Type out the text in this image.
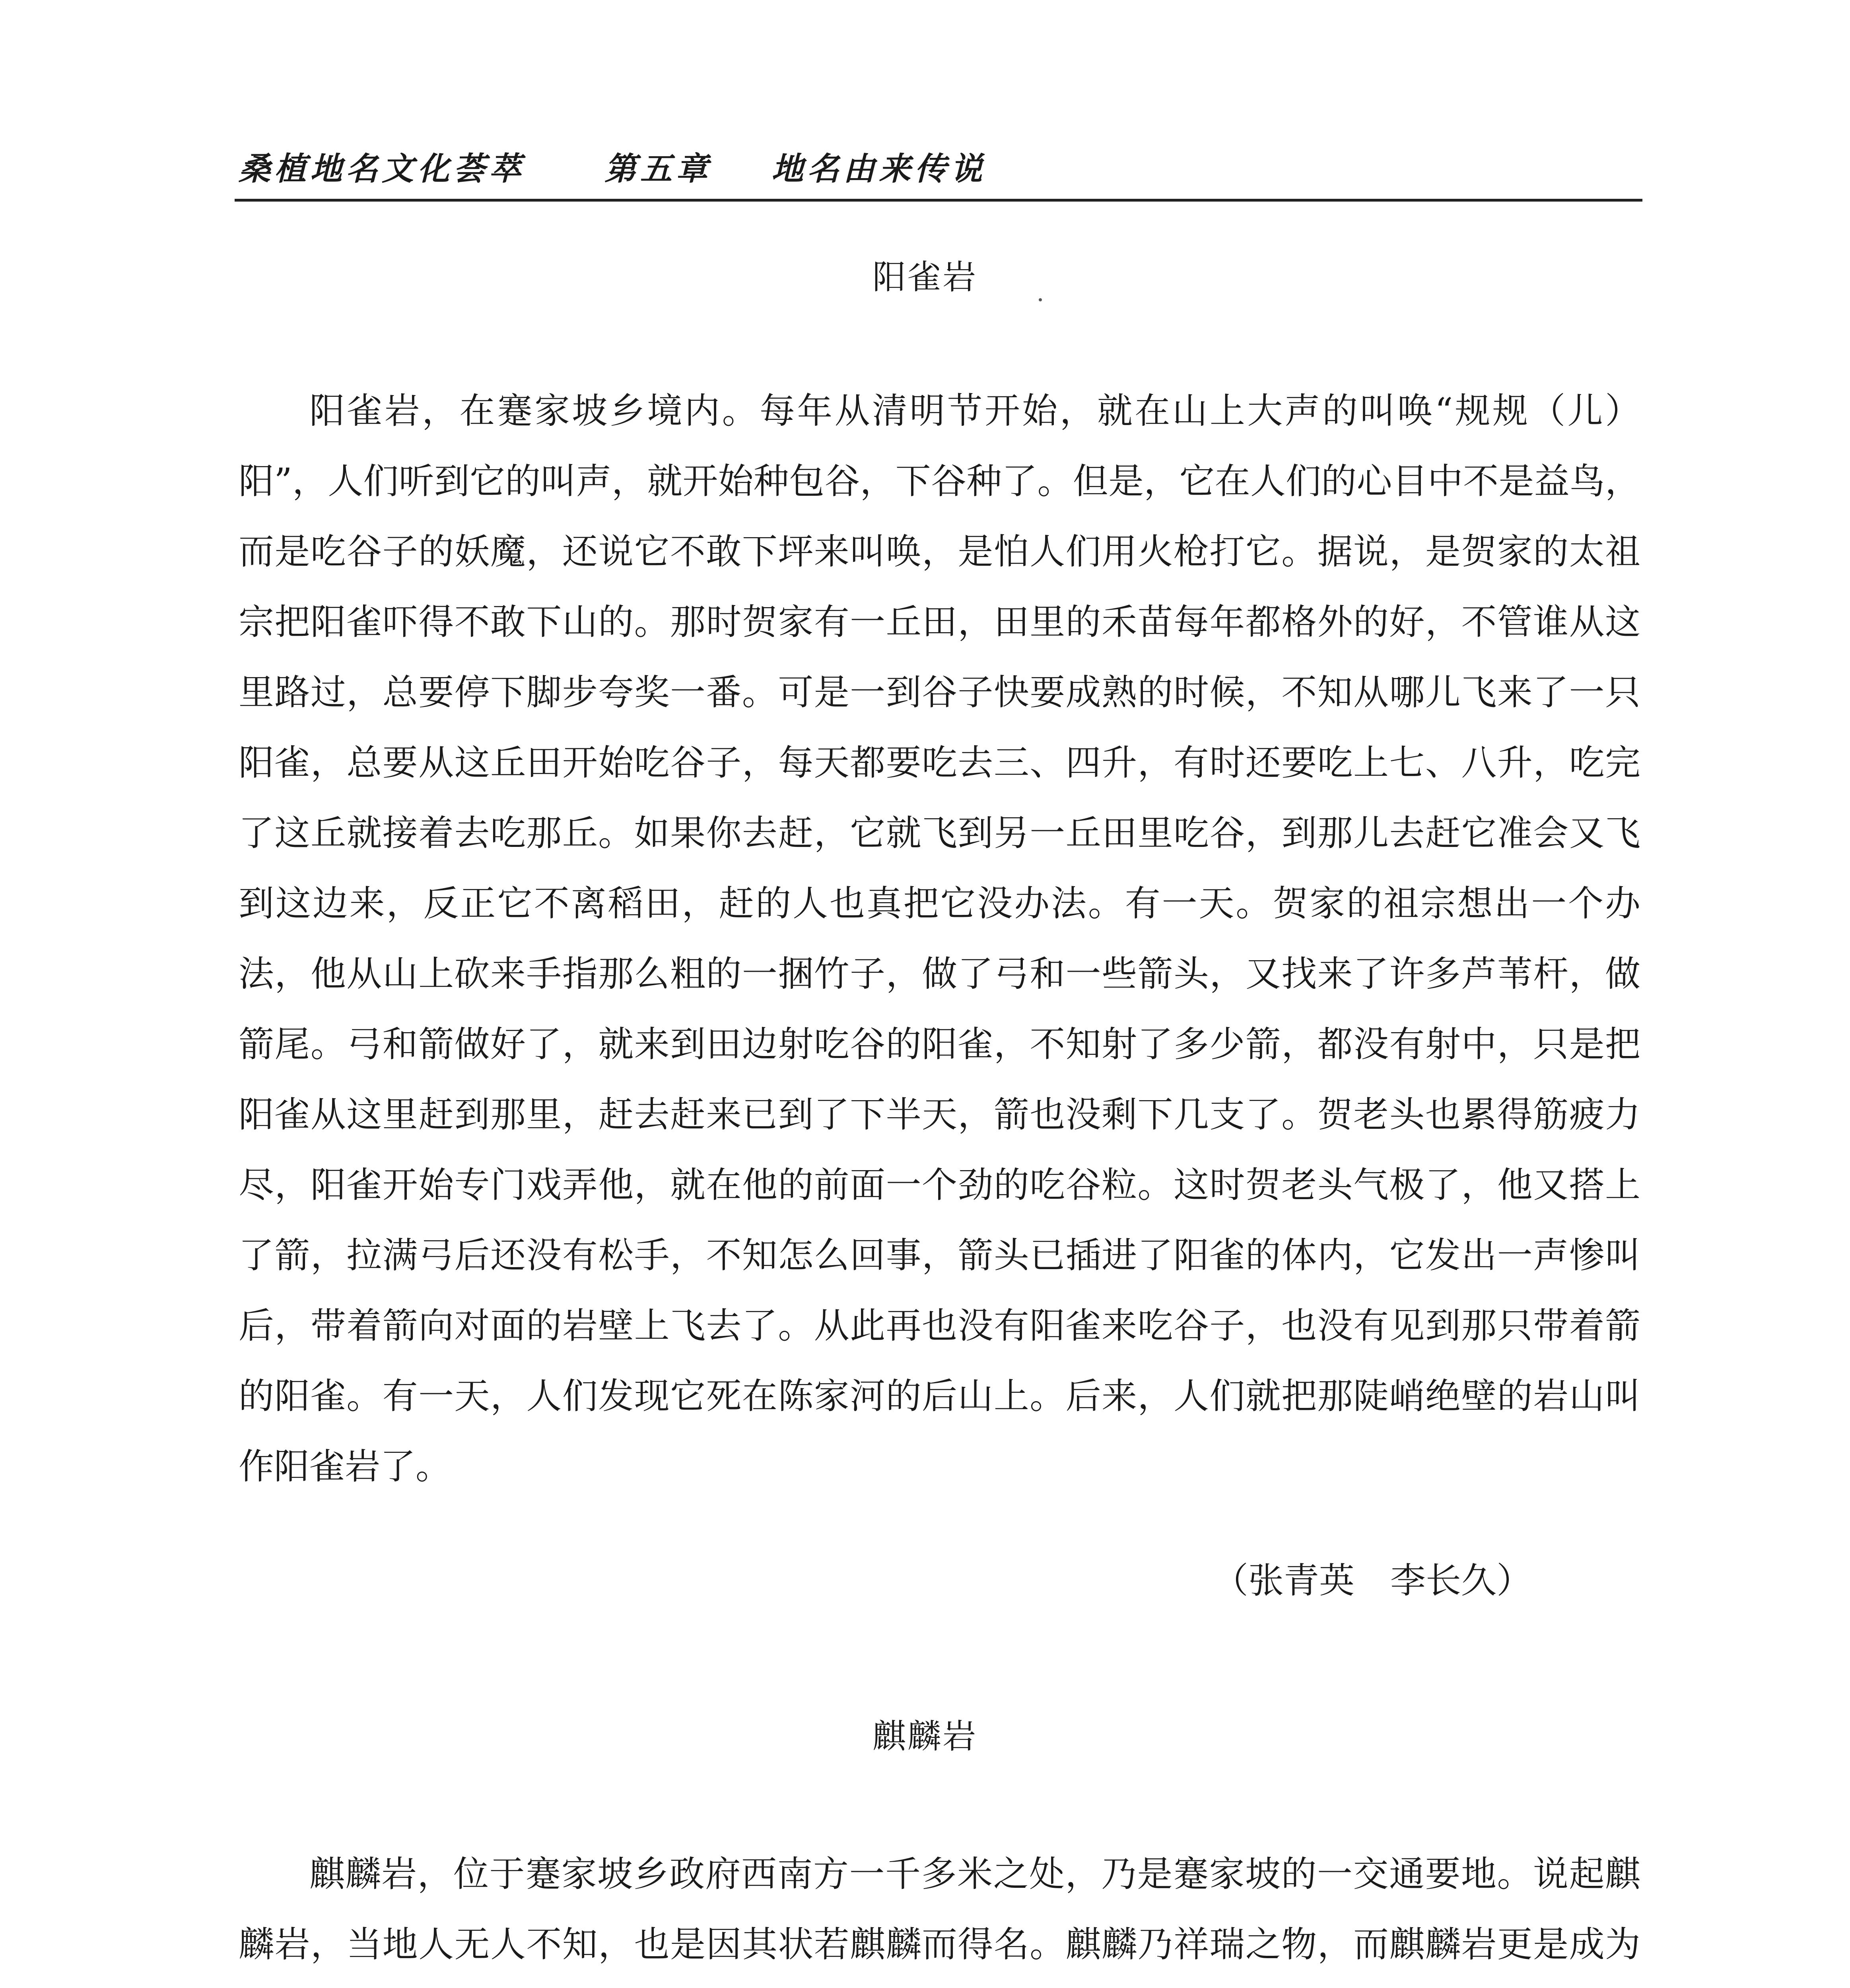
桑植地名文化荟萃	第五章 地名由来传说
阳雀岩

阳雀岩，在蹇家坡乡境内。每年从清明节开始，就在山上大声的叫唤“规规（儿）阳”，人们听到它的叫声，就开始种包谷，下谷种了。但是，它在人们的心目中不是益鸟，而是吃谷子的妖魔，还说它不敢下坪来叫唤，是怕人们用火枪打它。据说，是贺家的太祖宗把阳雀吓得不敢下山的。那时贺家有一丘田，田里的禾苗每年都格外的好，不管谁从这里路过，总要停下脚步夸奖一番。可是一到谷子快要成熟的时候，不知从哪儿飞来了一只阳雀，总要从这丘田开始吃谷子，每天都要吃去三、四升，有时还要吃上七、八升，吃完了这丘就接着去吃那丘。如果你去赶，它就飞到另一丘田里吃谷，到那儿去赶它准会又飞到这边来，反正它不离稻田，赶的人也真把它没办法。有一天。贺家的祖宗想出一个办法，他从山上砍来手指那么粗的一捆竹子，做了弓和一些箭头，又找来了许多芦苇杆，做箭尾。弓和箭做好了，就来到田边射吃谷的阳雀，不知射了多少箭，都没有射中，只是把阳雀从这里赶到那里，赶去赶来已到了下半天，箭也没剩下几支了。贺老头也累得筋疲力尽，阳雀开始专门戏弄他，就在他的前面一个劲的吃谷粒。这时贺老头气极了，他又搭上了箭，拉满弓后还没有松手，不知怎么回事，箭头已插进了阳雀的体内，它发出一声惨叫后，带着箭向对面的岩壁上飞去了。从此再也没有阳雀来吃谷子，也没有见到那只带着箭的阳雀。有一天，人们发现它死在陈家河的后山上。后来，人们就把那陡峭绝壁的岩山叫作阳雀岩了。

（张青英 李长久）
麒麟岩

麒麟岩，位于蹇家坡乡政府西南方一千多米之处，乃是蹇家坡的一交通要地。说起麒麟岩，当地人无人不知，也是因其状若麒麟而得名。麒麟乃祥瑞之物，而麒麟岩更是成为
